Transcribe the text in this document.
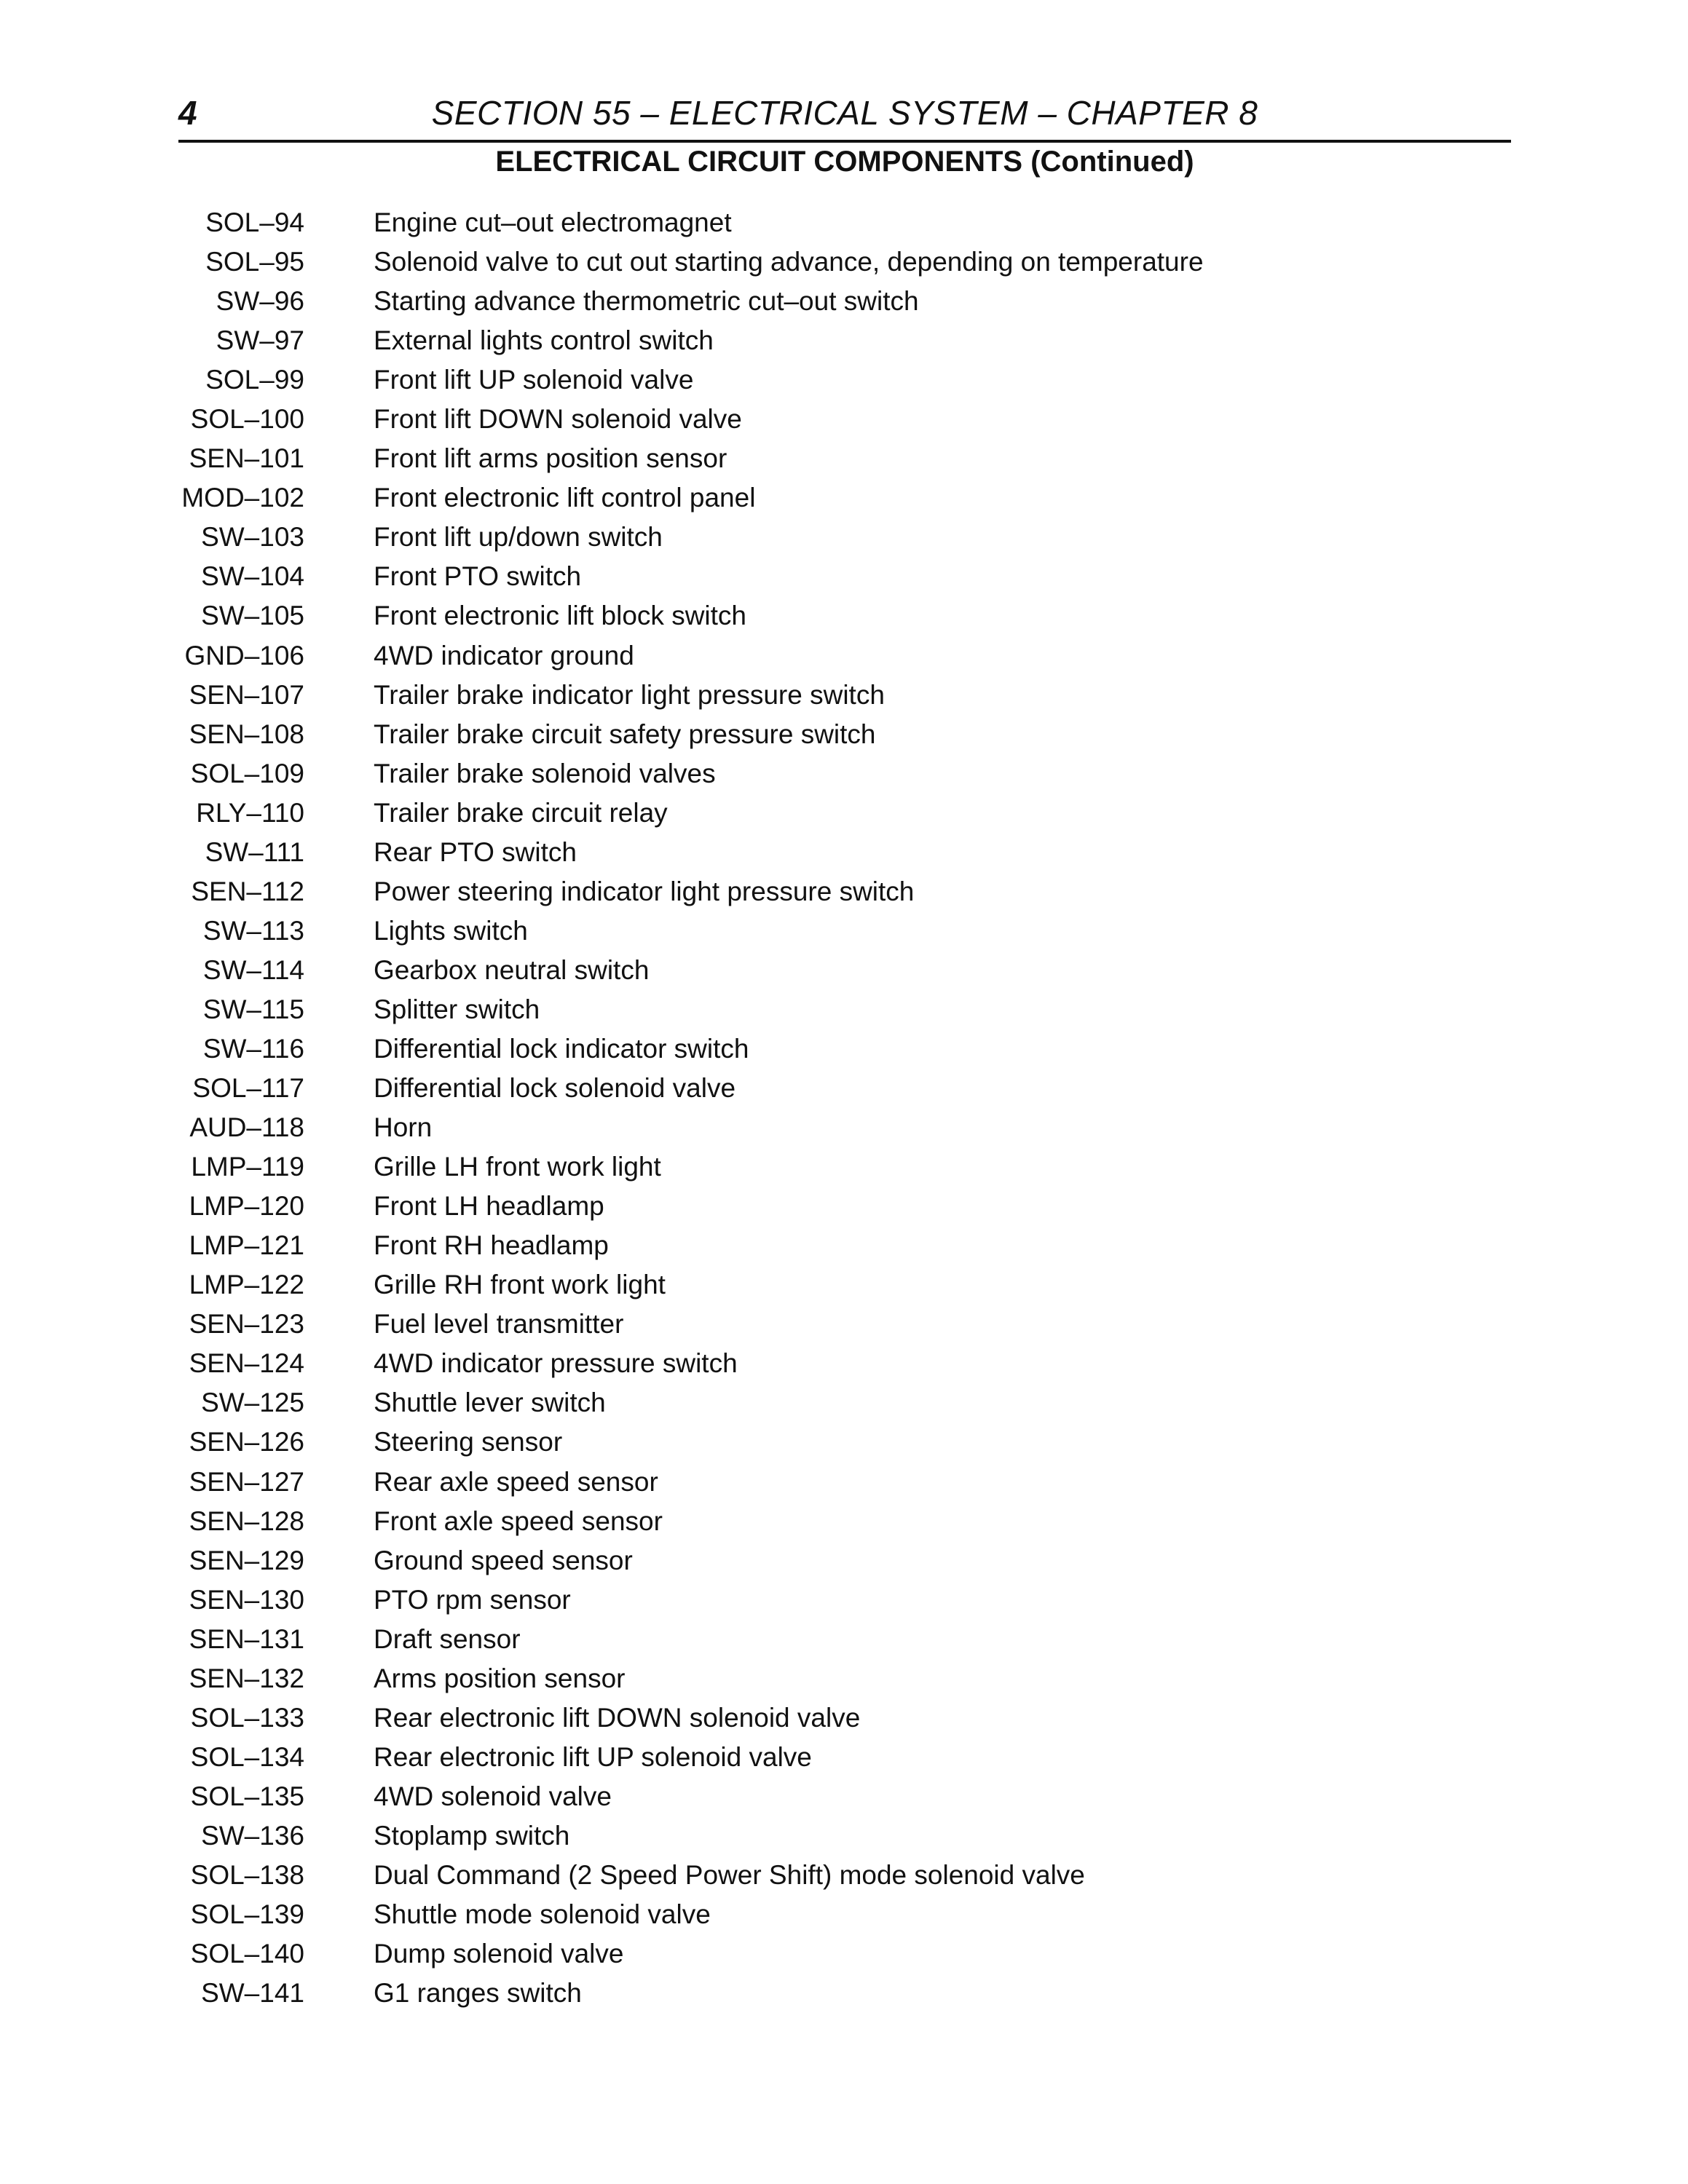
4	SECTION 55 – ELECTRICAL SYSTEM – CHAPTER 8
ELECTRICAL CIRCUIT COMPONENTS (Continued)
SOL–94	Engine cut–out electromagnet
SOL–95	Solenoid valve to cut out starting advance, depending on temperature
SW–96	Starting advance thermometric cut–out switch
SW–97	External lights control switch
SOL–99	Front lift UP solenoid valve
SOL–100	Front lift DOWN solenoid valve
SEN–101	Front lift arms position sensor
MOD–102	Front electronic lift control panel
SW–103	Front lift up/down switch
SW–104	Front PTO switch
SW–105	Front electronic lift block switch
GND–106	4WD indicator ground
SEN–107	Trailer brake indicator light pressure switch
SEN–108	Trailer brake circuit safety pressure switch
SOL–109	Trailer brake solenoid valves
RLY–110	Trailer brake circuit relay
SW–111	Rear PTO switch
SEN–112	Power steering indicator light pressure switch
SW–113	Lights switch
SW–114	Gearbox neutral switch
SW–115	Splitter switch
SW–116	Differential lock indicator switch
SOL–117	Differential lock solenoid valve
AUD–118	Horn
LMP–119	Grille LH front work light
LMP–120	Front LH headlamp
LMP–121	Front RH headlamp
LMP–122	Grille RH front work light
SEN–123	Fuel level transmitter
SEN–124	4WD indicator pressure switch
SW–125	Shuttle lever switch
SEN–126	Steering sensor
SEN–127	Rear axle speed sensor
SEN–128	Front axle speed sensor
SEN–129	Ground speed sensor
SEN–130	PTO rpm sensor
SEN–131	Draft sensor
SEN–132	Arms position sensor
SOL–133	Rear electronic lift DOWN solenoid valve
SOL–134	Rear electronic lift UP solenoid valve
SOL–135	4WD solenoid valve
SW–136	Stoplamp switch
SOL–138	Dual Command (2 Speed Power Shift) mode solenoid valve
SOL–139	Shuttle mode solenoid valve
SOL–140	Dump solenoid valve
SW–141	G1 ranges switch
